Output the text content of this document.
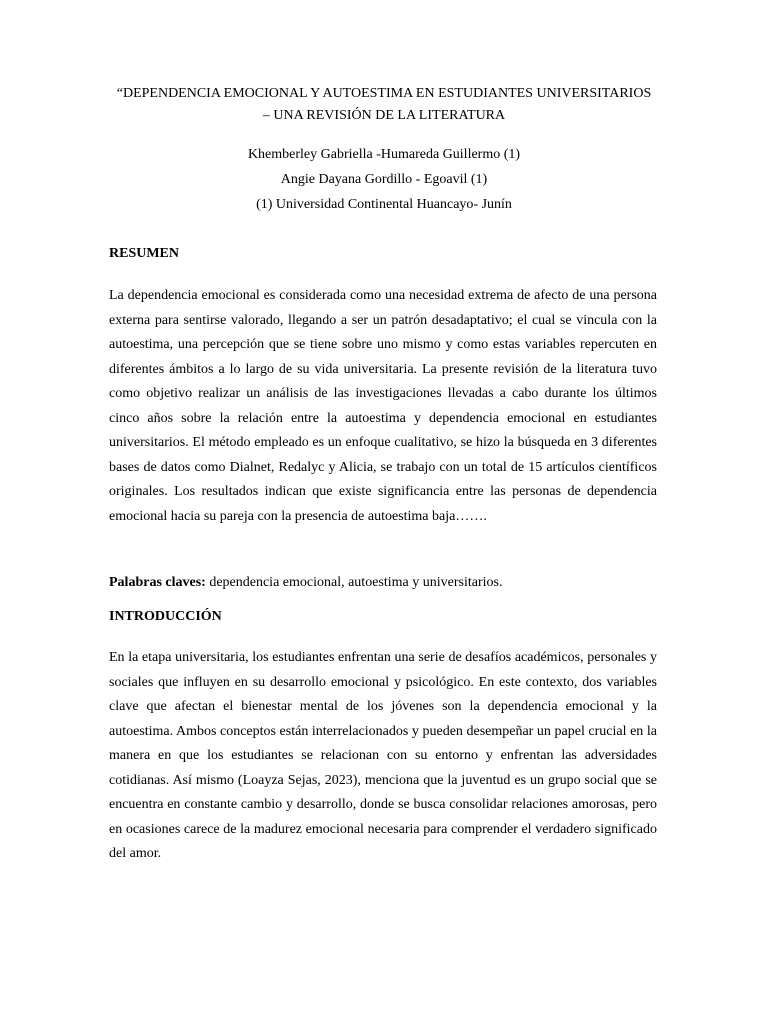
“DEPENDENCIA EMOCIONAL Y AUTOESTIMA EN ESTUDIANTES UNIVERSITARIOS
– UNA REVISIÓN DE LA LITERATURA
Khemberley Gabriella -Humareda Guillermo (1)
Angie Dayana Gordillo - Egoavil (1)
(1) Universidad Continental Huancayo- Junín
RESUMEN
La dependencia emocional es considerada como una necesidad extrema de afecto de una persona externa para sentirse valorado, llegando a ser un patrón desadaptativo; el cual se vincula con la autoestima, una percepción que se tiene sobre uno mismo y como estas variables repercuten en diferentes ámbitos a lo largo de su vida universitaria. La presente revisión de la literatura tuvo como objetivo realizar un análisis de las investigaciones llevadas a cabo durante los últimos cinco años sobre la relación entre la autoestima y dependencia emocional en estudiantes universitarios. El método empleado es un enfoque cualitativo, se hizo la búsqueda en 3 diferentes bases de datos como Dialnet, Redalyc y Alicia, se trabajo con un total de 15 artículos científicos originales. Los resultados indican que existe significancia entre las personas de dependencia emocional hacia su pareja con la presencia de autoestima baja…….
Palabras claves: dependencia emocional, autoestima y universitarios.
INTRODUCCIÓN
En la etapa universitaria, los estudiantes enfrentan una serie de desafíos académicos, personales y sociales que influyen en su desarrollo emocional y psicológico. En este contexto, dos variables clave que afectan el bienestar mental de los jóvenes son la dependencia emocional y la autoestima. Ambos conceptos están interrelacionados y pueden desempeñar un papel crucial en la manera en que los estudiantes se relacionan con su entorno y enfrentan las adversidades cotidianas. Así mismo (Loayza Sejas, 2023), menciona que la juventud es un grupo social que se encuentra en constante cambio y desarrollo, donde se busca consolidar relaciones amorosas, pero en ocasiones carece de la madurez emocional necesaria para comprender el verdadero significado del amor.
